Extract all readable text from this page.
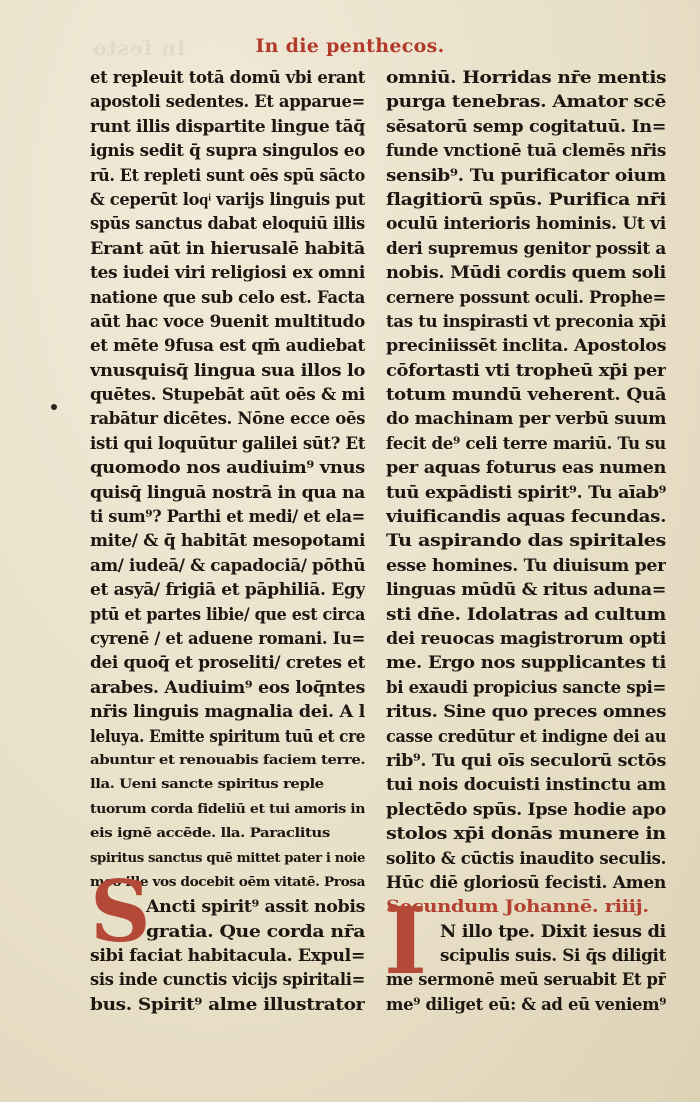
In festo	In die penthecos.
et repleuit totā domū vbi erant
apostoli sedentes. Et apparue=
runt illis dispartite lingue tāq̄
ignis sedit q̄ supra singulos eo
rū. Et repleti sunt oēs spū sācto
& ceperūt loqͥ varijs linguis put
spūs sanctus dabat eloquiū illis
Erant aūt in hierusalē habitā
tes iudei viri religiosi ex omni
natione que sub celo est. Facta
aūt hac voce 9uenit multitudo
et mēte 9fusa est qm̄ audiebat
vnusquisq̄ lingua sua illos lo
quētes. Stupebāt aūt oēs & mi
rabātur dicētes. Nōne ecce oēs
isti qui loquūtur galilei sūt? Et
quomodo nos audiuim⁹ vnus
quisq̄ linguā nostrā in qua na
ti sum⁹? Parthi et medi/ et ela=
mite/ & q̄ habitāt mesopotami
am/ iudeā/ & capadociā/ pōthū
et asyā/ frigiā et pāphiliā. Egy
ptū et partes libie/ que est circa
cyrenē / et aduene romani. Iu=
dei quoq̄ et proseliti/ cretes et
arabes. Audiuim⁹ eos loq̄ntes
nr̄is linguis magnalia dei. A l
leluya. Emitte spiritum tuū et cre
abuntur et renouabis faciem terre.
lla. Ueni sancte spiritus reple
tuorum corda fideliū et tui amoris in
eis ignē accēde. lla. Paraclitus
spiritus sanctus quē mittet pater i noie
meo ille vos docebit oēm vitatē. Prosa
Ancti spirit⁹ assit nobis
gratia. Que corda nr̄a
sibi faciat habitacula. Expul=
sis inde cunctis vicijs spiritali=
bus. Spirit⁹ alme illustrator
omniū. Horridas nr̄e mentis
purga tenebras. Amator scē
sēsatorū semp cogitatuū. In=
funde vnctionē tuā clemēs nr̄is
sensib⁹. Tu purificator oium
flagitiorū spūs. Purifica nr̄i
oculū interioris hominis. Ut vi
deri supremus genitor possit a
nobis. Mūdi cordis quem soli
cernere possunt oculi. Prophe=
tas tu inspirasti vt preconia xp̄i
preciniissēt inclita. Apostolos
cōfortasti vti tropheū xp̄i per
totum mundū veherent. Quā
do machinam per verbū suum
fecit de⁹ celi terre mariū. Tu su
per aquas foturus eas numen
tuū expādisti spirit⁹. Tu aīab⁹
viuificandis aquas fecundas.
Tu aspirando das spiritales
esse homines. Tu diuisum per
linguas mūdū & ritus aduna=
sti dn̄e. Idolatras ad cultum
dei reuocas magistrorum opti
me. Ergo nos supplicantes ti
bi exaudi propicius sancte spi=
ritus. Sine quo preces omnes
casse credūtur et indigne dei au
rib⁹. Tu qui oīs seculorū sctōs
tui nois docuisti instinctu am
plectēdo spūs. Ipse hodie apo
stolos xp̄i donās munere in
solito & cūctis inaudito seculis.
Hūc diē gloriosū fecisti. Amen
Secundum Johannē. riiij.
N illo tpe. Dixit iesus di
scipulis suis. Si q̄s diligit
me sermonē meū seruabit Et pr̄
me⁹ diliget eū: & ad eū veniem⁹
S	I
